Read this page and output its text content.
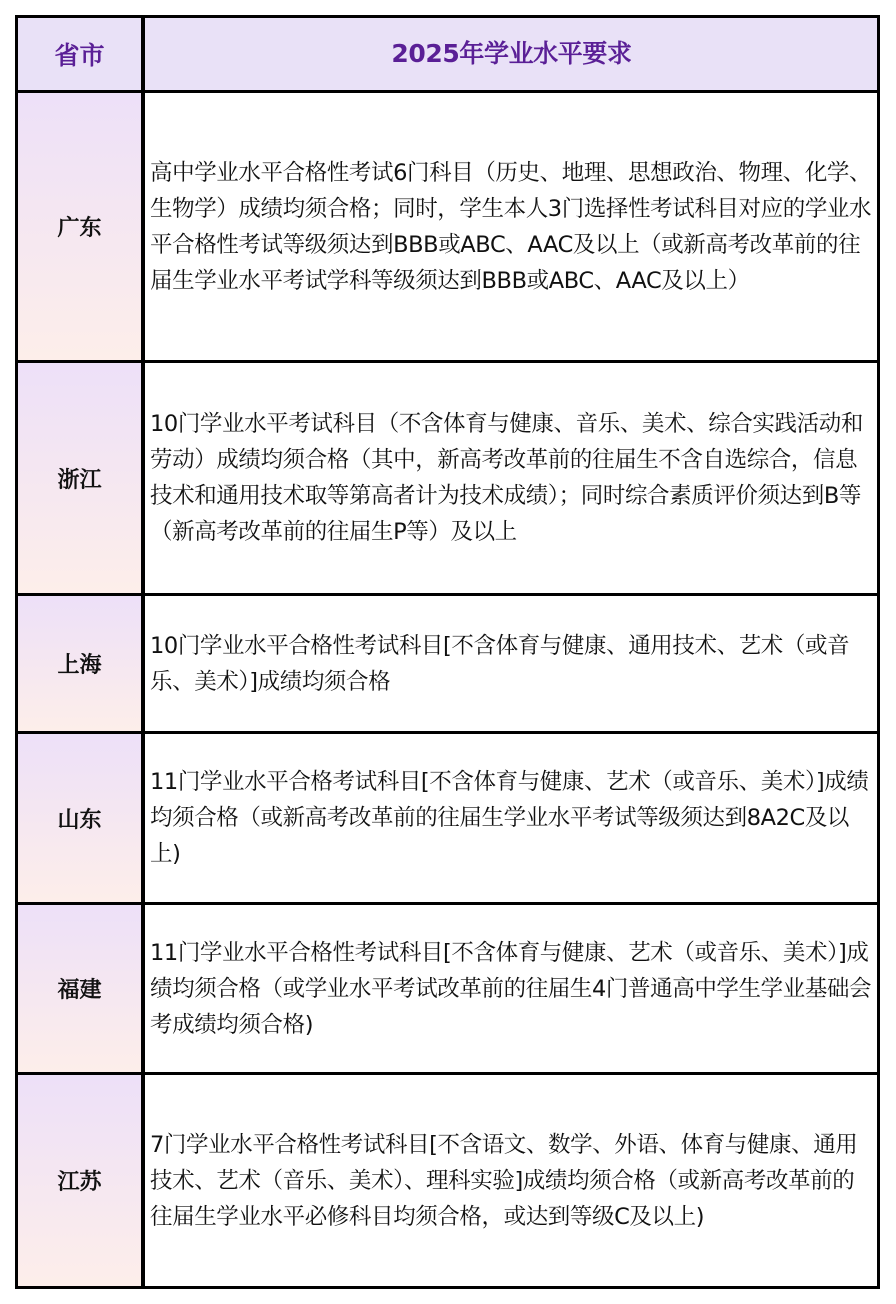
省市	2025年学业水平要求
广东
高中学业水平合格性考试6门科目（历史、地理、思想政治、物理、化学、生物学）成绩均须合格；同时，学生本人3门选择性考试科目对应的学业水平合格性考试等级须达到BBB或ABC、AAC及以上（或新高考改革前的往届生学业水平考试学科等级须达到BBB或ABC、AAC及以上）
浙江
10门学业水平考试科目（不含体育与健康、音乐、美术、综合实践活动和劳动）成绩均须合格（其中，新高考改革前的往届生不含自选综合，信息技术和通用技术取等第高者计为技术成绩）；同时综合素质评价须达到B等（新高考改革前的往届生P等）及以上
上海
10门学业水平合格性考试科目[不含体育与健康、通用技术、艺术（或音乐、美术）]成绩均须合格
山东
11门学业水平合格考试科目[不含体育与健康、艺术（或音乐、美术）]成绩均须合格（或新高考改革前的往届生学业水平考试等级须达到8A2C及以上)
福建
11门学业水平合格性考试科目[不含体育与健康、艺术（或音乐、美术）]成绩均须合格（或学业水平考试改革前的往届生4门普通高中学生学业基础会考成绩均须合格)
江苏
7门学业水平合格性考试科目[不含语文、数学、外语、体育与健康、通用技术、艺术（音乐、美术）、理科实验]成绩均须合格（或新高考改革前的往届生学业水平必修科目均须合格，或达到等级C及以上)
